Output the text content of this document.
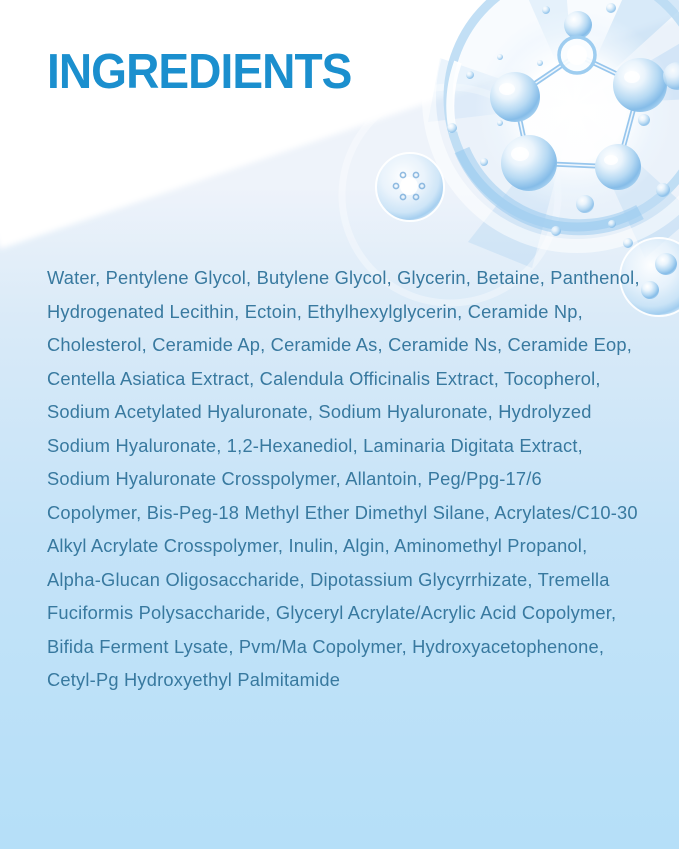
INGREDIENTS
Water, Pentylene Glycol, Butylene Glycol, Glycerin, Betaine, Panthenol,
Hydrogenated Lecithin, Ectoin, Ethylhexylglycerin, Ceramide Np,
Cholesterol, Ceramide Ap, Ceramide As, Ceramide Ns, Ceramide Eop,
Centella Asiatica Extract, Calendula Officinalis Extract, Tocopherol,
Sodium Acetylated Hyaluronate, Sodium Hyaluronate, Hydrolyzed
Sodium Hyaluronate, 1,2-Hexanediol, Laminaria Digitata Extract,
Sodium Hyaluronate Crosspolymer, Allantoin, Peg/Ppg-17/6
Copolymer, Bis-Peg-18 Methyl Ether Dimethyl Silane, Acrylates/C10-30
Alkyl Acrylate Crosspolymer, Inulin, Algin, Aminomethyl Propanol,
Alpha-Glucan Oligosaccharide, Dipotassium Glycyrrhizate, Tremella
Fuciformis Polysaccharide, Glyceryl Acrylate/Acrylic Acid Copolymer,
Bifida Ferment Lysate, Pvm/Ma Copolymer, Hydroxyacetophenone,
Cetyl-Pg Hydroxyethyl Palmitamide
